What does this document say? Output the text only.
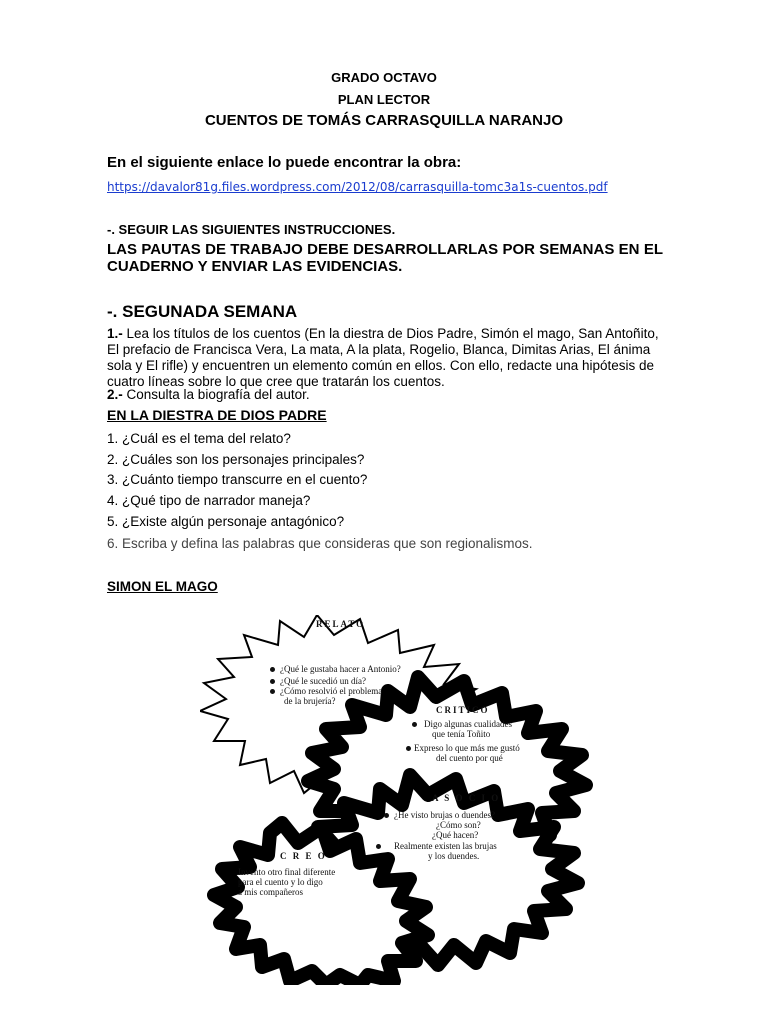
GRADO OCTAVO
PLAN LECTOR
CUENTOS DE TOMÁS CARRASQUILLA NARANJO
En el siguiente enlace lo puede encontrar la obra:
https://davalor81g.files.wordpress.com/2012/08/carrasquilla-tomc3a1s-cuentos.pdf
-. SEGUIR LAS SIGUIENTES INSTRUCCIONES.
LAS PAUTAS DE TRABAJO DEBE DESARROLLARLAS POR SEMANAS EN EL CUADERNO Y ENVIAR LAS EVIDENCIAS.
-. SEGUNADA SEMANA
1.- Lea los títulos de los cuentos (En la diestra de Dios Padre, Simón el mago, San Antoñito, El prefacio de Francisca Vera, La mata, A la plata, Rogelio, Blanca, Dimitas Arias, El ánima sola y El rifle) y encuentren un elemento común en ellos. Con ello, redacte una hipótesis de cuatro líneas sobre lo que cree que tratarán los cuentos.
2.- Consulta la biografía del autor.
EN LA DIESTRA DE DIOS PADRE
1. ¿Cuál es el tema del relato?
2. ¿Cuáles son los personajes principales?
3. ¿Cuánto tiempo transcurre en el cuento?
4. ¿Qué tipo de narrador maneja?
5. ¿Existe algún personaje antagónico?
6. Escriba y defina las palabras que consideras que son regionalismos.
SIMON EL MAGO
RELATO
¿Qué le gustaba hacer a Antonio?
¿Qué le sucedió un día?
¿Cómo resolvió el problema
de la brujería?
CRITICO
Digo algunas cualidades
que tenía Toñito
Expreso lo que más me gustó
del cuento por qué
A S O C I O
¿He visto brujas o duendes?
¿Cómo son?
¿Qué hacen?
Realmente existen las brujas
y los duendes.
C R E O
Invento otro final diferente
para el cuento y lo digo
a mis compañeros
